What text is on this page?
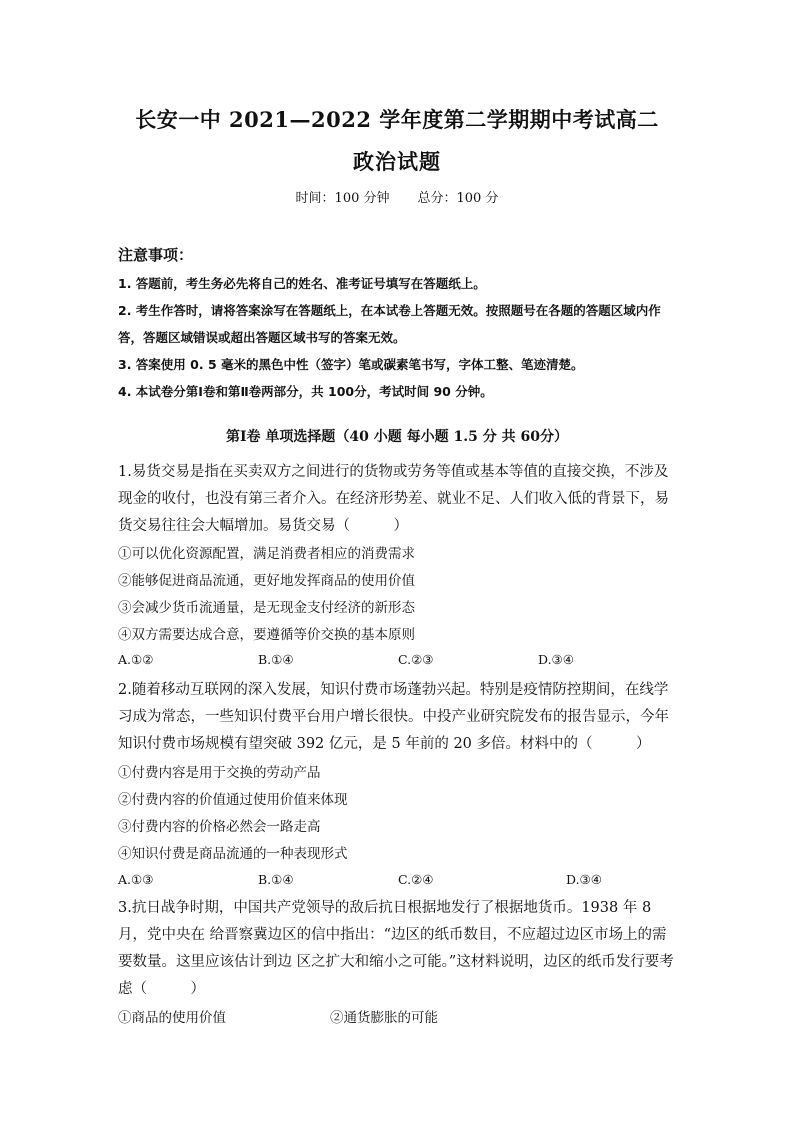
长安一中 2021—2022 学年度第二学期期中考试高二
政治试题
时间：100 分钟 总分：100 分
注意事项：
1. 答题前，考生务必先将自己的姓名、准考证号填写在答题纸上。
2. 考生作答时，请将答案涂写在答题纸上，在本试卷上答题无效。按照题号在各题的答题区域内作答，答题区域错误或超出答题区域书写的答案无效。
3. 答案使用 0. 5 毫米的黑色中性（签字）笔或碳素笔书写，字体工整、笔迹清楚。
4. 本试卷分第Ⅰ卷和第Ⅱ卷两部分，共 100分，考试时间 90 分钟。
第Ⅰ卷 单项选择题（40 小题 每小题 1.5 分 共 60分）
1.易货交易是指在买卖双方之间进行的货物或劳务等值或基本等值的直接交换，不涉及现金的收付，也没有第三者介入。在经济形势差、就业不足、人们收入低的背景下，易货交易往往会大幅增加。易货交易（　　　）
①可以优化资源配置，满足消费者相应的消费需求
②能够促进商品流通，更好地发挥商品的使用价值
③会减少货币流通量，是无现金支付经济的新形态
④双方需要达成合意，要遵循等价交换的基本原则
A.①②	B.①④	C.②③	D.③④
2.随着移动互联网的深入发展，知识付费市场蓬勃兴起。特别是疫情防控期间，在线学习成为常态，一些知识付费平台用户增长很快。中投产业研究院发布的报告显示，今年知识付费市场规模有望突破 392 亿元，是 5 年前的 20 多倍。材料中的（　　　）
①付费内容是用于交换的劳动产品
②付费内容的价值通过使用价值来体现
③付费内容的价格必然会一路走高
④知识付费是商品流通的一种表现形式
A.①③	B.①④	C.②④	D.③④
3.抗日战争时期，中国共产党领导的敌后抗日根据地发行了根据地货币。1938 年 8 月，党中央在 给晋察冀边区的信中指出：“边区的纸币数目，不应超过边区市场上的需要数量。这里应该估计到边 区之扩大和缩小之可能。”这材料说明，边区的纸币发行要考虑（　　　）
①商品的使用价值	②通货膨胀的可能
